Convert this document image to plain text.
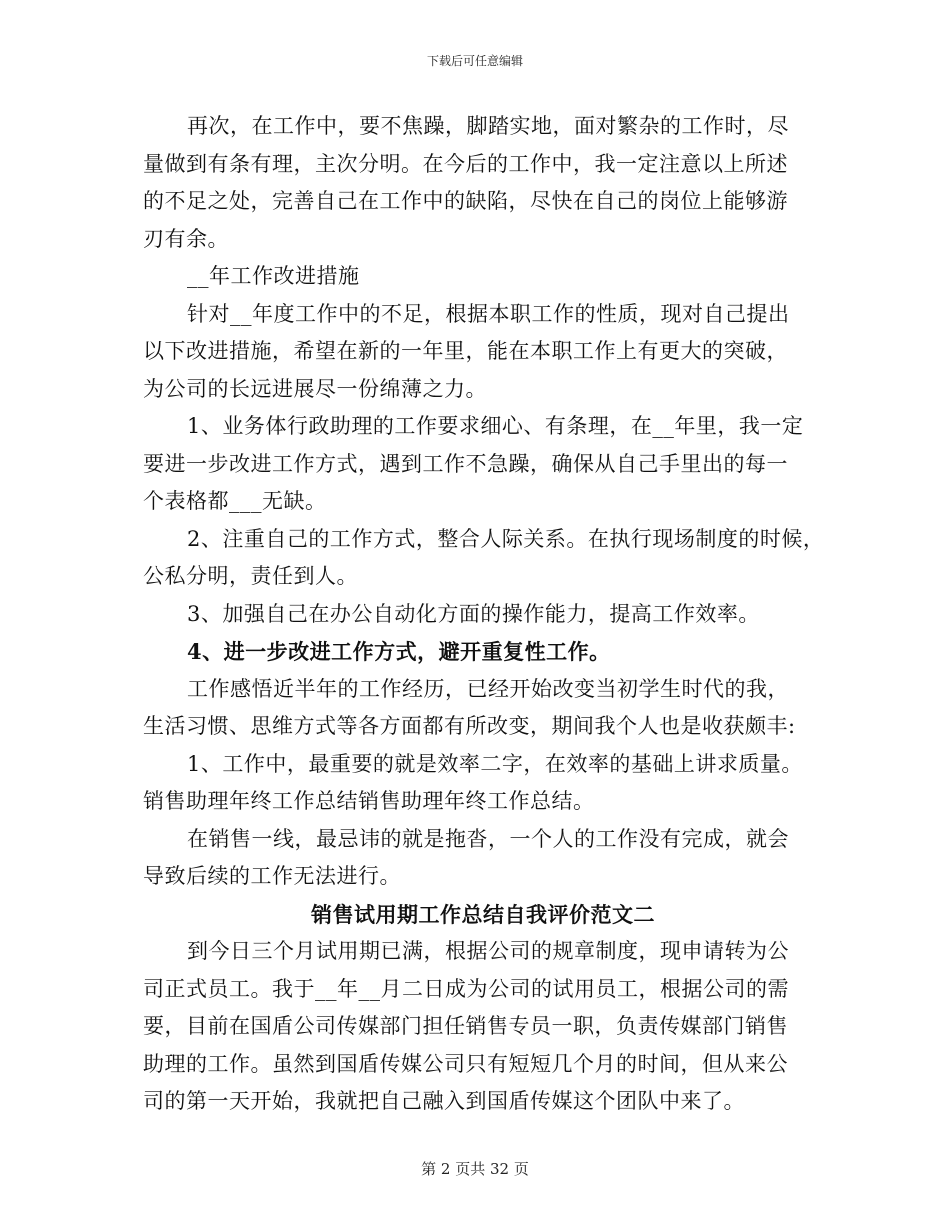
下载后可任意编辑
再次，在工作中，要不焦躁，脚踏实地，面对繁杂的工作时，尽
量做到有条有理，主次分明。在今后的工作中，我一定注意以上所述
的不足之处，完善自己在工作中的缺陷，尽快在自己的岗位上能够游
刃有余。
__年工作改进措施
针对__年度工作中的不足，根据本职工作的性质，现对自己提出
以下改进措施，希望在新的一年里，能在本职工作上有更大的突破，
为公司的长远进展尽一份绵薄之力。
1、业务体行政助理的工作要求细心、有条理，在__年里，我一定
要进一步改进工作方式，遇到工作不急躁，确保从自己手里出的每一
个表格都___无缺。
2、注重自己的工作方式，整合人际关系。在执行现场制度的时候，
公私分明，责任到人。
3、加强自己在办公自动化方面的操作能力，提高工作效率。
4、进一步改进工作方式，避开重复性工作。
工作感悟近半年的工作经历，已经开始改变当初学生时代的我，
生活习惯、思维方式等各方面都有所改变，期间我个人也是收获颇丰:
1、工作中，最重要的就是效率二字，在效率的基础上讲求质量。
销售助理年终工作总结销售助理年终工作总结。
在销售一线，最忌讳的就是拖沓，一个人的工作没有完成，就会
导致后续的工作无法进行。
销售试用期工作总结自我评价范文二
到今日三个月试用期已满，根据公司的规章制度，现申请转为公
司正式员工。我于__年__月二日成为公司的试用员工，根据公司的需
要，目前在国盾公司传媒部门担任销售专员一职，负责传媒部门销售
助理的工作。虽然到国盾传媒公司只有短短几个月的时间，但从来公
司的第一天开始，我就把自己融入到国盾传媒这个团队中来了。
第 2 页共 32 页
